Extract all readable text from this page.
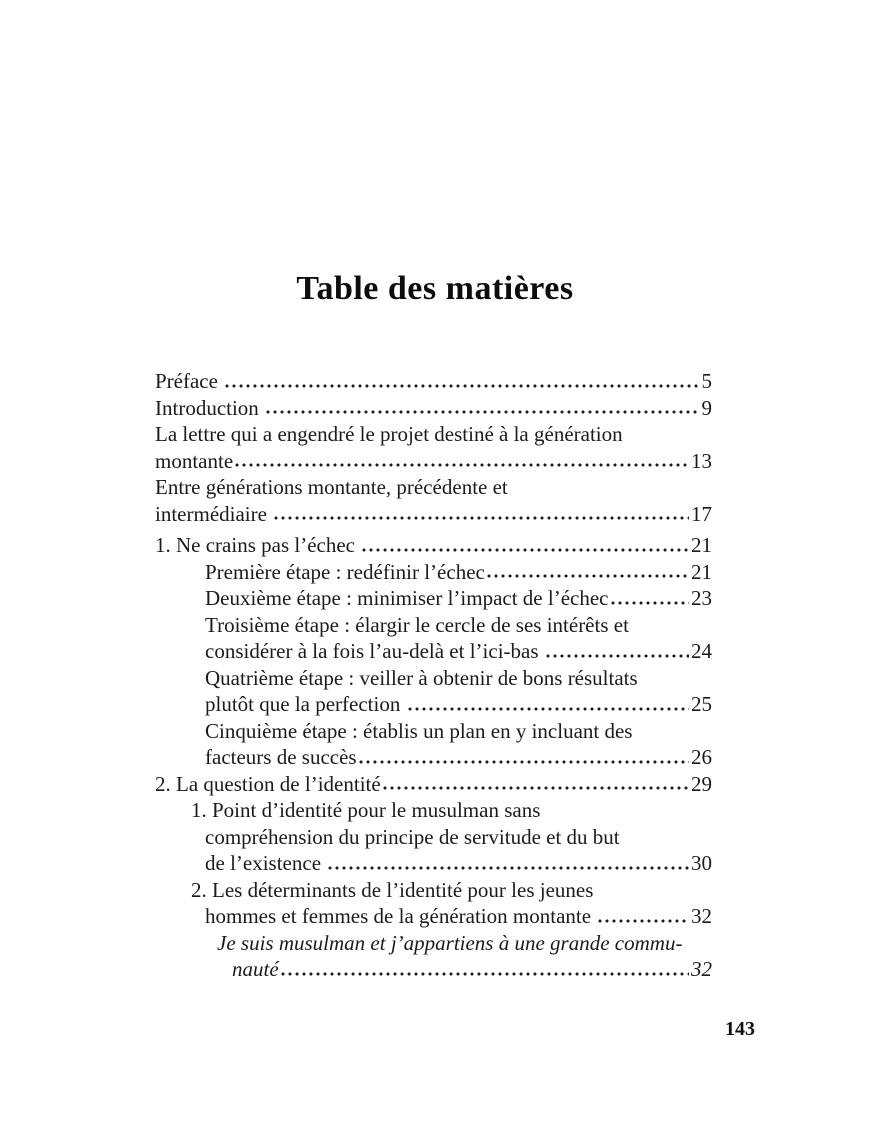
Table des matières
Préface	5
Introduction	9
La lettre qui a engendré le projet destiné à la génération
montante	13
Entre générations montante, précédente et
intermédiaire	17
1. Ne crains pas l’échec	21
Première étape : redéfinir l’échec	21
Deuxième étape : minimiser l’impact de l’échec	23
Troisième étape : élargir le cercle de ses intérêts et
considérer à la fois l’au-delà et l’ici-bas	24
Quatrième étape : veiller à obtenir de bons résultats
plutôt que la perfection	25
Cinquième étape : établis un plan en y incluant des
facteurs de succès	26
2. La question de l’identité	29
1. Point d’identité pour le musulman sans
compréhension du principe de servitude et du but
de l’existence	30
2. Les déterminants de l’identité pour les jeunes
hommes et femmes de la génération montante	32
Je suis musulman et j’appartiens à une grande commu-
nauté	32
143
